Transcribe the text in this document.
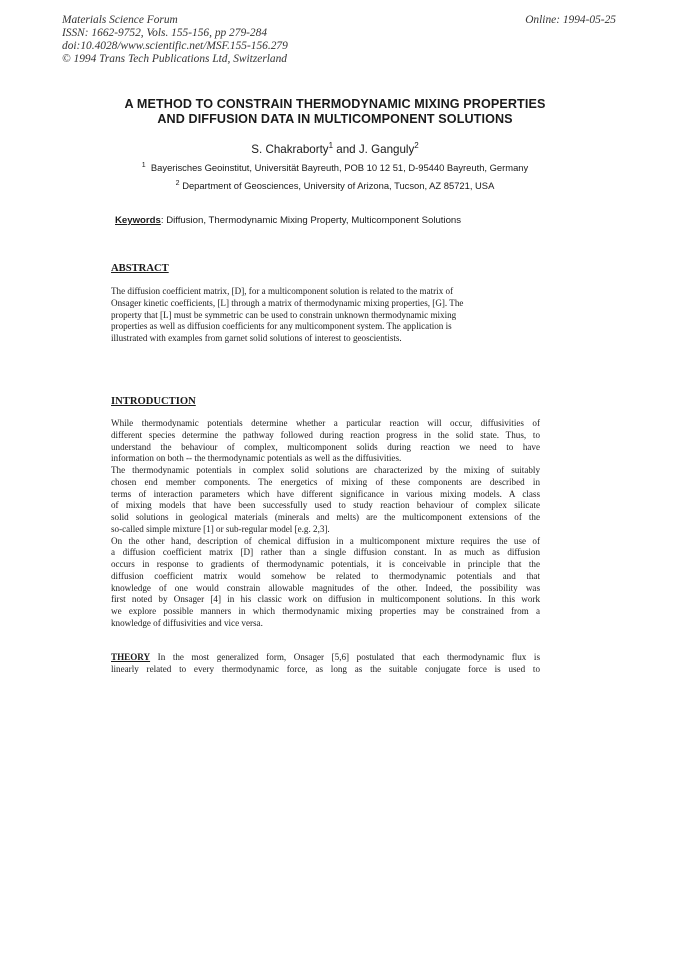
Materials Science Forum
ISSN: 1662-9752, Vols. 155-156, pp 279-284
doi:10.4028/www.scientific.net/MSF.155-156.279
© 1994 Trans Tech Publications Ltd, Switzerland
Online: 1994-05-25
A METHOD TO CONSTRAIN THERMODYNAMIC MIXING PROPERTIES
AND DIFFUSION DATA IN MULTICOMPONENT SOLUTIONS
S. Chakraborty$^1$ and J. Ganguly$^2$
$^1$ Bayerisches Geoinstitut, Universität Bayreuth, POB 10 12 51, D-95440 Bayreuth, Germany
$^2$ Department of Geosciences, University of Arizona, Tucson, AZ 85721, USA
Keywords: Diffusion, Thermodynamic Mixing Property, Multicomponent Solutions
ABSTRACT
The diffusion coefficient matrix, [D], for a multicomponent solution is related to the matrix of
Onsager kinetic coefficients, [L] through a matrix of thermodynamic mixing properties, [G]. The
property that [L] must be symmetric can be used to constrain unknown thermodynamic mixing
properties as well as diffusion coefficients for any multicomponent system. The application is
illustrated with examples from garnet solid solutions of interest to geoscientists.
INTRODUCTION
While thermodynamic potentials determine whether a particular reaction will occur, diffusivities of
different species determine the pathway followed during reaction progress in the solid state. Thus, to
understand the behaviour of complex, multicomponent solids during reaction we need to have
information on both -- the thermodynamic potentials as well as the diffusivities.
The thermodynamic potentials in complex solid solutions are characterized by the mixing of suitably
chosen end member components. The energetics of mixing of these components are described in
terms of interaction parameters which have different significance in various mixing models. A class
of mixing models that have been successfully used to study reaction behaviour of complex silicate
solid solutions in geological materials (minerals and melts) are the multicomponent extensions of the
so-called simple mixture [1] or sub-regular model [e.g. 2,3].
On the other hand, description of chemical diffusion in a multicomponent mixture requires the use of
a diffusion coefficient matrix [D] rather than a single diffusion constant. In as much as diffusion
occurs in response to gradients of thermodynamic potentials, it is conceivable in principle that the
diffusion coefficient matrix would somehow be related to thermodynamic potentials and that
knowledge of one would constrain allowable magnitudes of the other. Indeed, the possibility was
first noted by Onsager [4] in his classic work on diffusion in multicomponent solutions. In this work
we explore possible manners in which thermodynamic mixing properties may be constrained from a
knowledge of diffusivities and vice versa.
THEORY In the most generalized form, Onsager [5,6] postulated that each thermodynamic flux is
linearly related to every thermodynamic force, as long as the suitable conjugate force is used to
